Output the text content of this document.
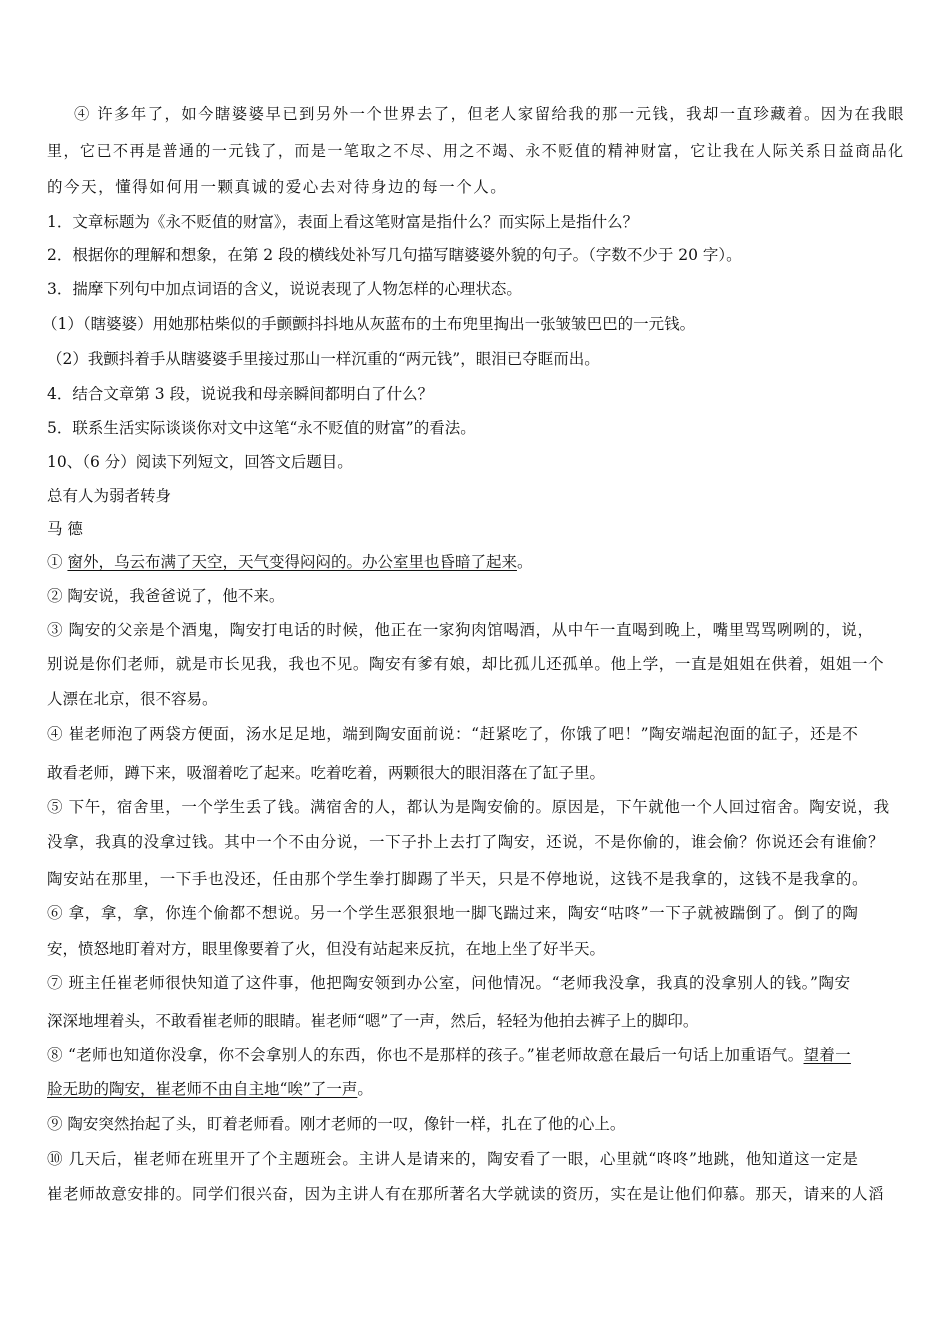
④ 许多年了，如今瞎婆婆早已到另外一个世界去了，但老人家留给我的那一元钱，我却一直珍藏着。因为在我眼
里，它已不再是普通的一元钱了，而是一笔取之不尽、用之不竭、永不贬值的精神财富，它让我在人际关系日益商品化
的今天，懂得如何用一颗真诚的爱心去对待身边的每一个人。
1．文章标题为《永不贬值的财富》，表面上看这笔财富是指什么？而实际上是指什么？
2．根据你的理解和想象，在第 2 段的横线处补写几句描写瞎婆婆外貌的句子。（字数不少于 20 字）。
3．揣摩下列句中加点词语的含义，说说表现了人物怎样的心理状态。
（1）（瞎婆婆）用她那枯柴似的手颤颤抖抖地从灰蓝布的土布兜里掏出一张皱皱巴巴的一元钱。
（2）我颤抖着手从瞎婆婆手里接过那山一样沉重的“两元钱”，眼泪已夺眶而出。
4．结合文章第 3 段，说说我和母亲瞬间都明白了什么？
5．联系生活实际谈谈你对文中这笔“永不贬值的财富”的看法。
10、（6 分）阅读下列短文，回答文后题目。
总有人为弱者转身
马 德
① 窗外，乌云布满了天空，天气变得闷闷的。办公室里也昏暗了起来。
② 陶安说，我爸爸说了，他不来。
③ 陶安的父亲是个酒鬼，陶安打电话的时候，他正在一家狗肉馆喝酒，从中午一直喝到晚上，嘴里骂骂咧咧的，说，
别说是你们老师，就是市长见我，我也不见。陶安有爹有娘，却比孤儿还孤单。他上学，一直是姐姐在供着，姐姐一个
人漂在北京，很不容易。
④ 崔老师泡了两袋方便面，汤水足足地，端到陶安面前说：“赶紧吃了，你饿了吧！”陶安端起泡面的缸子，还是不
敢看老师，蹲下来，吸溜着吃了起来。吃着吃着，两颗很大的眼泪落在了缸子里。
⑤ 下午，宿舍里，一个学生丢了钱。满宿舍的人，都认为是陶安偷的。原因是，下午就他一个人回过宿舍。陶安说，我
没拿，我真的没拿过钱。其中一个不由分说，一下子扑上去打了陶安，还说，不是你偷的，谁会偷？你说还会有谁偷？
陶安站在那里，一下手也没还，任由那个学生拳打脚踢了半天，只是不停地说，这钱不是我拿的，这钱不是我拿的。
⑥ 拿，拿，拿，你连个偷都不想说。另一个学生恶狠狠地一脚飞踹过来，陶安“咕咚”一下子就被踹倒了。倒了的陶
安，愤怒地盯着对方，眼里像要着了火，但没有站起来反抗，在地上坐了好半天。
⑦ 班主任崔老师很快知道了这件事，他把陶安领到办公室，问他情况。“老师我没拿，我真的没拿别人的钱。”陶安
深深地埋着头，不敢看崔老师的眼睛。崔老师“嗯”了一声，然后，轻轻为他拍去裤子上的脚印。
⑧ “老师也知道你没拿，你不会拿别人的东西，你也不是那样的孩子。”崔老师故意在最后一句话上加重语气。望着一
脸无助的陶安，崔老师不由自主地“唉”了一声。
⑨ 陶安突然抬起了头，盯着老师看。刚才老师的一叹，像针一样，扎在了他的心上。
⑩ 几天后，崔老师在班里开了个主题班会。主讲人是请来的，陶安看了一眼，心里就“咚咚”地跳，他知道这一定是
崔老师故意安排的。同学们很兴奋，因为主讲人有在那所著名大学就读的资历，实在是让他们仰慕。那天，请来的人滔
